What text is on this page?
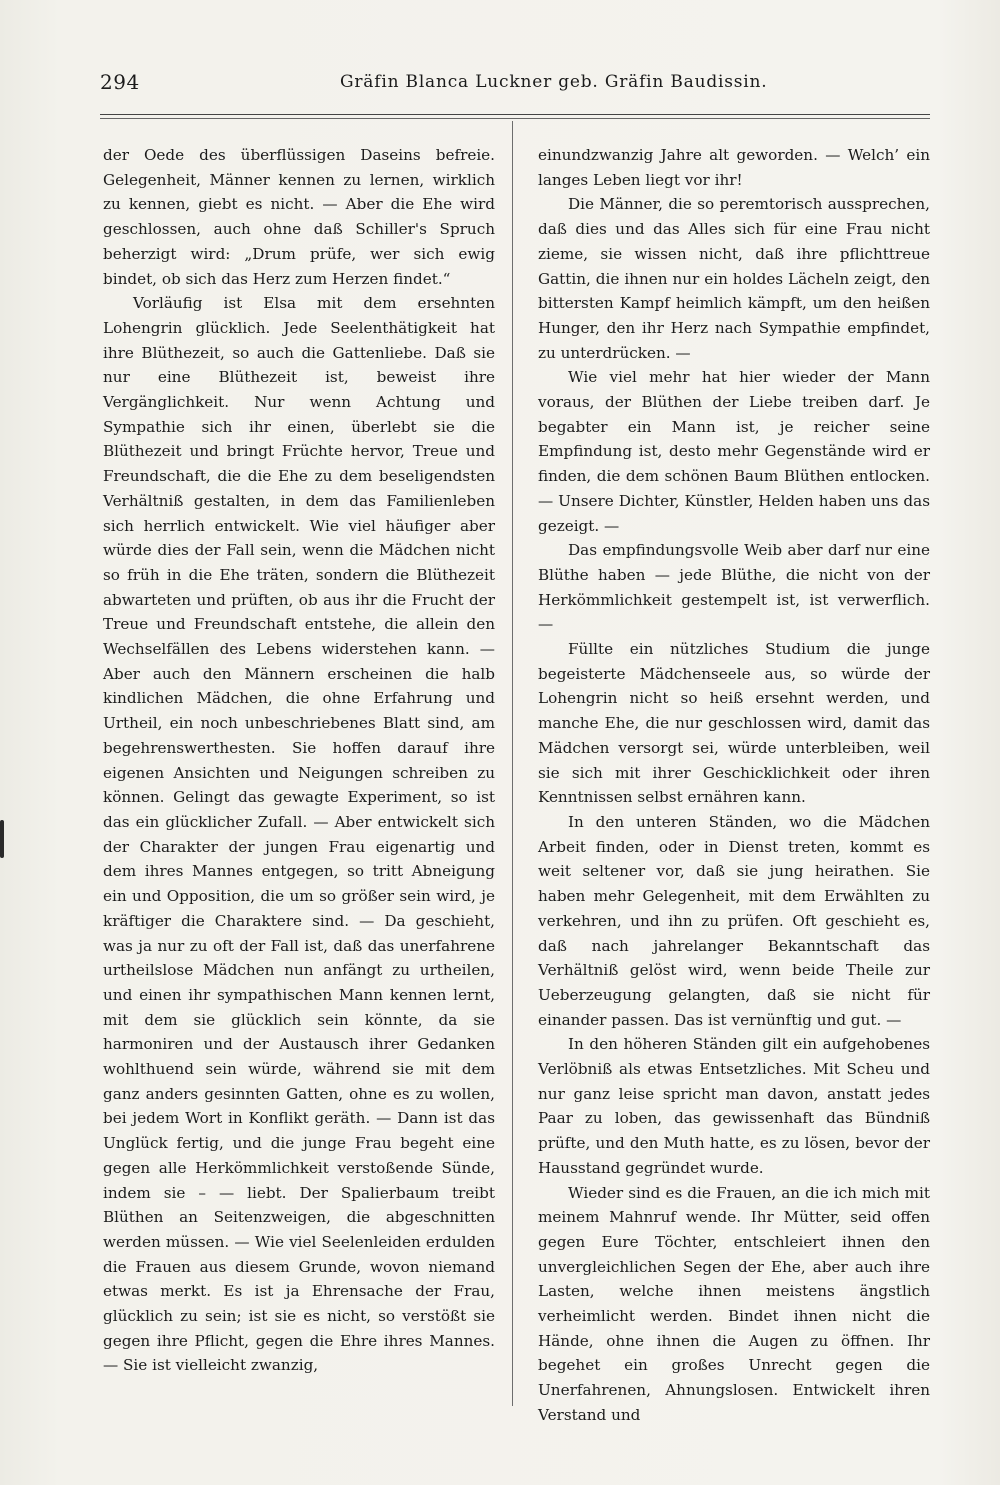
294	Gräfin Blanca Luckner geb. Gräfin Baudissin.

der Oede des überflüssigen Daseins befreie. Gelegenheit, Männer kennen zu lernen, wirklich zu kennen, giebt es nicht. — Aber die Ehe wird geschlossen, auch ohne daß Schiller's Spruch beherzigt wird: „Drum prüfe, wer sich ewig bindet, ob sich das Herz zum Herzen findet.“

Vorläufig ist Elsa mit dem ersehnten Lohengrin glücklich. Jede Seelenthätigkeit hat ihre Blüthezeit, so auch die Gattenliebe. Daß sie nur eine Blüthezeit ist, beweist ihre Vergänglichkeit. Nur wenn Achtung und Sympathie sich ihr einen, überlebt sie die Blüthezeit und bringt Früchte hervor, Treue und Freundschaft, die die Ehe zu dem beseligendsten Verhältniß gestalten, in dem das Familienleben sich herrlich entwickelt. Wie viel häufiger aber würde dies der Fall sein, wenn die Mädchen nicht so früh in die Ehe träten, sondern die Blüthezeit abwarteten und prüften, ob aus ihr die Frucht der Treue und Freundschaft entstehe, die allein den Wechselfällen des Lebens widerstehen kann. — Aber auch den Männern erscheinen die halb kindlichen Mädchen, die ohne Erfahrung und Urtheil, ein noch unbeschriebenes Blatt sind, am begehrenswerthesten. Sie hoffen darauf ihre eigenen Ansichten und Neigungen schreiben zu können. Gelingt das gewagte Experiment, so ist das ein glücklicher Zufall. — Aber entwickelt sich der Charakter der jungen Frau eigenartig und dem ihres Mannes entgegen, so tritt Abneigung ein und Opposition, die um so größer sein wird, je kräftiger die Charaktere sind. — Da geschieht, was ja nur zu oft der Fall ist, daß das unerfahrene urtheilslose Mädchen nun anfängt zu urtheilen, und einen ihr sympathischen Mann kennen lernt, mit dem sie glücklich sein könnte, da sie harmoniren und der Austausch ihrer Gedanken wohlthuend sein würde, während sie mit dem ganz anders gesinnten Gatten, ohne es zu wollen, bei jedem Wort in Konflikt geräth. — Dann ist das Unglück fertig, und die junge Frau begeht eine gegen alle Herkömmlichkeit verstoßende Sünde, indem sie – — liebt. Der Spalierbaum treibt Blüthen an Seitenzweigen, die abgeschnitten werden müssen. — Wie viel Seelenleiden erdulden die Frauen aus diesem Grunde, wovon niemand etwas merkt. Es ist ja Ehrensache der Frau, glücklich zu sein; ist sie es nicht, so verstößt sie gegen ihre Pflicht, gegen die Ehre ihres Mannes. — Sie ist vielleicht zwanzig,

einundzwanzig Jahre alt geworden. — Welch’ ein langes Leben liegt vor ihr!

Die Männer, die so peremtorisch aussprechen, daß dies und das Alles sich für eine Frau nicht zieme, sie wissen nicht, daß ihre pflichttreue Gattin, die ihnen nur ein holdes Lächeln zeigt, den bittersten Kampf heimlich kämpft, um den heißen Hunger, den ihr Herz nach Sympathie empfindet, zu unterdrücken. —

Wie viel mehr hat hier wieder der Mann voraus, der Blüthen der Liebe treiben darf. Je begabter ein Mann ist, je reicher seine Empfindung ist, desto mehr Gegenstände wird er finden, die dem schönen Baum Blüthen entlocken. — Unsere Dichter, Künstler, Helden haben uns das gezeigt. —

Das empfindungsvolle Weib aber darf nur eine Blüthe haben — jede Blüthe, die nicht von der Herkömmlichkeit gestempelt ist, ist verwerflich. —

Füllte ein nützliches Studium die junge begeisterte Mädchenseele aus, so würde der Lohengrin nicht so heiß ersehnt werden, und manche Ehe, die nur geschlossen wird, damit das Mädchen versorgt sei, würde unterbleiben, weil sie sich mit ihrer Geschicklichkeit oder ihren Kenntnissen selbst ernähren kann.

In den unteren Ständen, wo die Mädchen Arbeit finden, oder in Dienst treten, kommt es weit seltener vor, daß sie jung heirathen. Sie haben mehr Gelegenheit, mit dem Erwählten zu verkehren, und ihn zu prüfen. Oft geschieht es, daß nach jahrelanger Bekanntschaft das Verhältniß gelöst wird, wenn beide Theile zur Ueberzeugung gelangten, daß sie nicht für einander passen. Das ist vernünftig und gut. —

In den höheren Ständen gilt ein aufgehobenes Verlöbniß als etwas Entsetzliches. Mit Scheu und nur ganz leise spricht man davon, anstatt jedes Paar zu loben, das gewissenhaft das Bündniß prüfte, und den Muth hatte, es zu lösen, bevor der Hausstand gegründet wurde.

Wieder sind es die Frauen, an die ich mich mit meinem Mahnruf wende. Ihr Mütter, seid offen gegen Eure Töchter, entschleiert ihnen den unvergleichlichen Segen der Ehe, aber auch ihre Lasten, welche ihnen meistens ängstlich verheimlicht werden. Bindet ihnen nicht die Hände, ohne ihnen die Augen zu öffnen. Ihr begehet ein großes Unrecht gegen die Unerfahrenen, Ahnungslosen. Entwickelt ihren Verstand und
